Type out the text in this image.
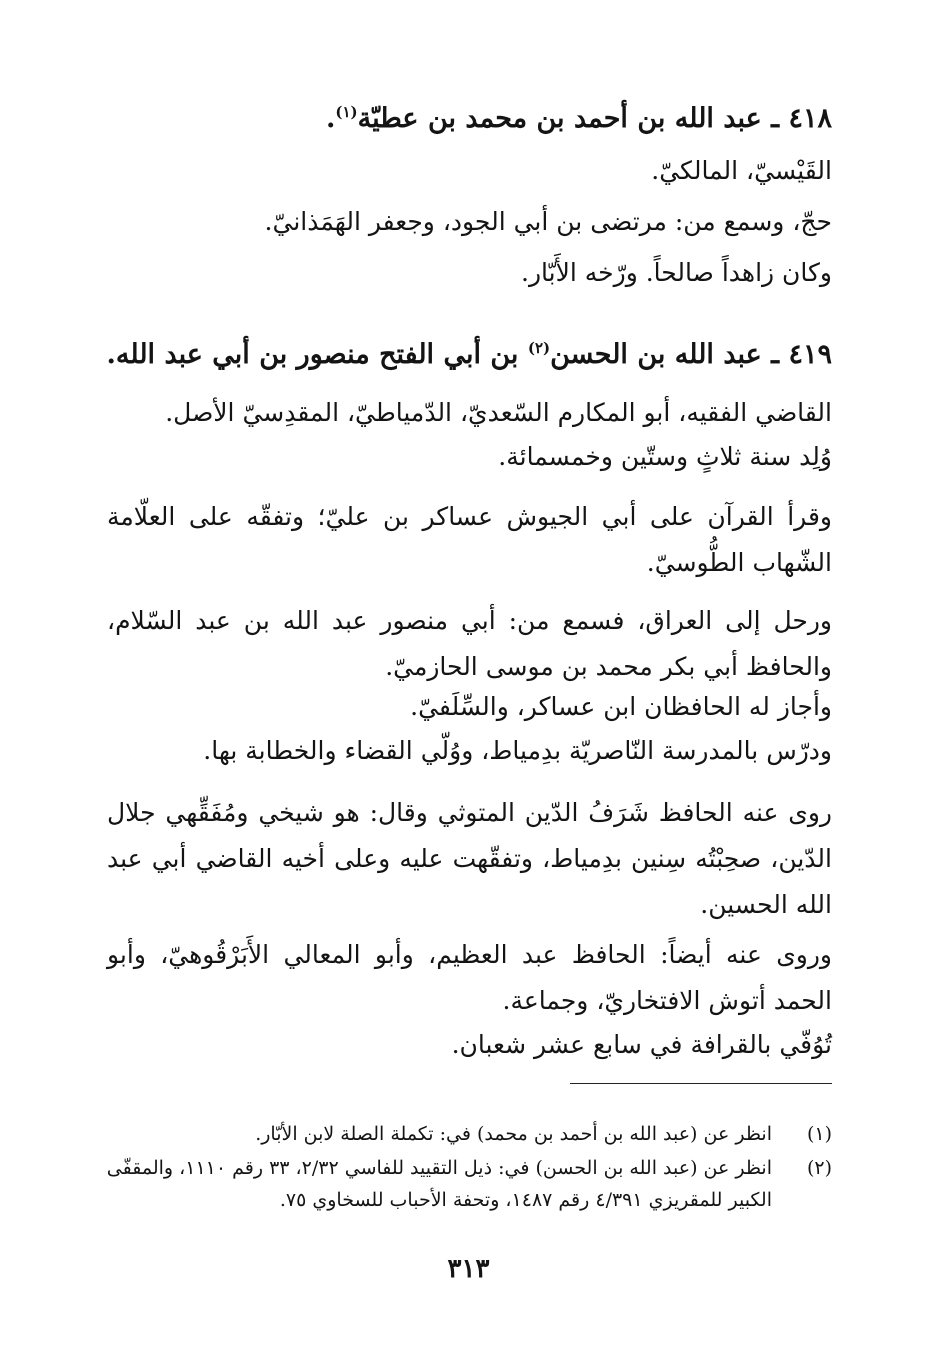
٤١٨ ـ عبد الله بن أحمد بن محمد بن عطيّة$^{(١)}$.
القَيْسيّ، المالكيّ.
حجّ، وسمع من: مرتضى بن أبي الجود، وجعفر الهَمَذانيّ.
وكان زاهداً صالحاً. ورّخه الأَبّار.
٤١٩ ـ عبد الله بن الحسن$^{(٢)}$ بن أبي الفتح منصور بن أبي عبد الله.
القاضي الفقيه، أبو المكارم السّعديّ، الدّمياطيّ، المقدِسيّ الأصل.
وُلِد سنة ثلاثٍ وستّين وخمسمائة.
وقرأ القرآن على أبي الجيوش عساكر بن عليّ؛ وتفقّه على العلّامة الشّهاب الطُّوسيّ.
ورحل إلى العراق، فسمع من: أبي منصور عبد الله بن عبد السّلام، والحافظ أبي بكر محمد بن موسى الحازميّ.
وأجاز له الحافظان ابن عساكر، والسِّلَفيّ.
ودرّس بالمدرسة النّاصريّة بدِمياط، ووُلّي القضاء والخطابة بها.
روى عنه الحافظ شَرَفُ الدّين المتوثي وقال: هو شيخي ومُفَقِّهي جلال الدّين، صحِبْتُه سِنين بدِمياط، وتفقّهت عليه وعلى أخيه القاضي أبي عبد الله الحسين.
وروى عنه أيضاً: الحافظ عبد العظيم، وأبو المعالي الأَبَرْقُوهيّ، وأبو الحمد أتوش الافتخاريّ، وجماعة.
تُوُفّي بالقرافة في سابع عشر شعبان.
(١)
انظر عن (عبد الله بن أحمد بن محمد) في: تكملة الصلة لابن الأبّار.
(٢)
انظر عن (عبد الله بن الحسن) في: ذيل التقييد للفاسي ٢/٣٢، ٣٣ رقم ١١١٠، والمقفّى الكبير للمقريزي ٤/٣٩١ رقم ١٤٨٧، وتحفة الأحباب للسخاوي ٧٥.
٣١٣
